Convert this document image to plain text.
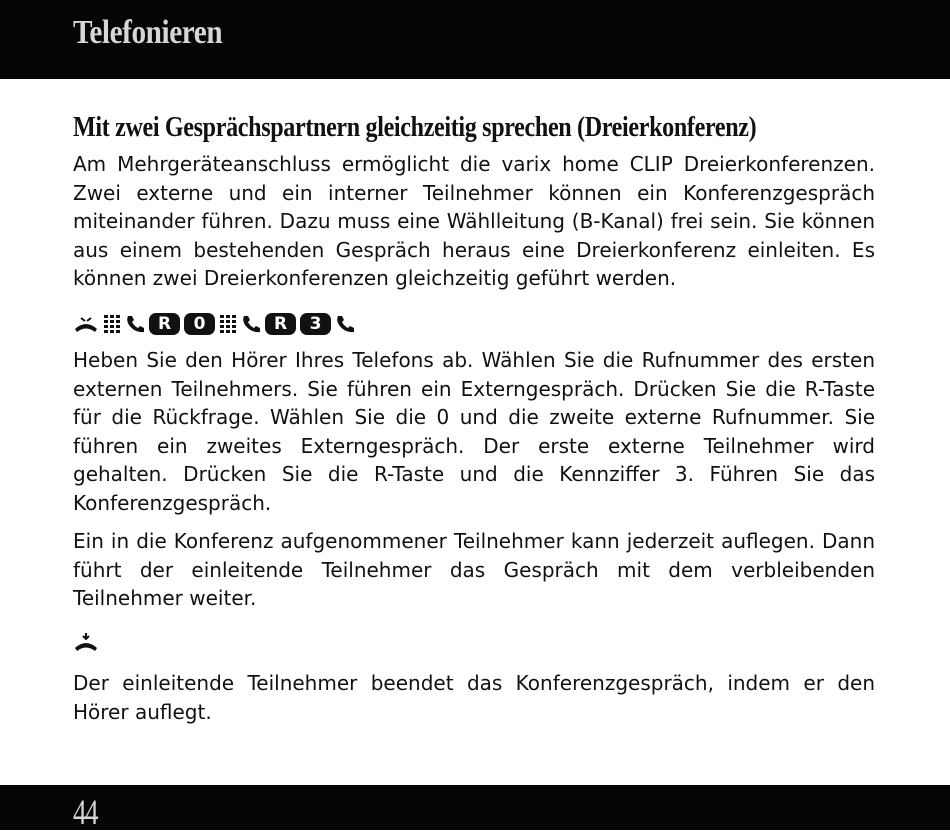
Telefonieren
Mit zwei Gesprächspartnern gleichzeitig sprechen (Dreierkonferenz)

Am Mehrgeräteanschluss ermöglicht die varix home CLIP Dreierkonferenzen. Zwei externe und ein interner Teilnehmer können ein Konferenzgespräch miteinander führen. Dazu muss eine Wählleitung (B-Kanal) frei sein. Sie können aus einem bestehenden Gespräch heraus eine Dreierkonferenz einleiten. Es können zwei Dreierkonferenzen gleichzeitig geführt werden.

R	0	R	3

Heben Sie den Hörer Ihres Telefons ab. Wählen Sie die Rufnummer des ersten externen Teilnehmers. Sie führen ein Externgespräch. Drücken Sie die R-Taste für die Rückfrage. Wählen Sie die 0 und die zweite externe Rufnummer. Sie führen ein zweites Externgespräch. Der erste externe Teilnehmer wird gehalten. Drücken Sie die R-Taste und die Kennziffer 3. Führen Sie das Konferenzgespräch.

Ein in die Konferenz aufgenommener Teilnehmer kann jederzeit auflegen. Dann führt der einleitende Teilnehmer das Gespräch mit dem verbleibenden Teilnehmer weiter.

Der einleitende Teilnehmer beendet das Konferenzgespräch, indem er den Hörer auflegt.

44
